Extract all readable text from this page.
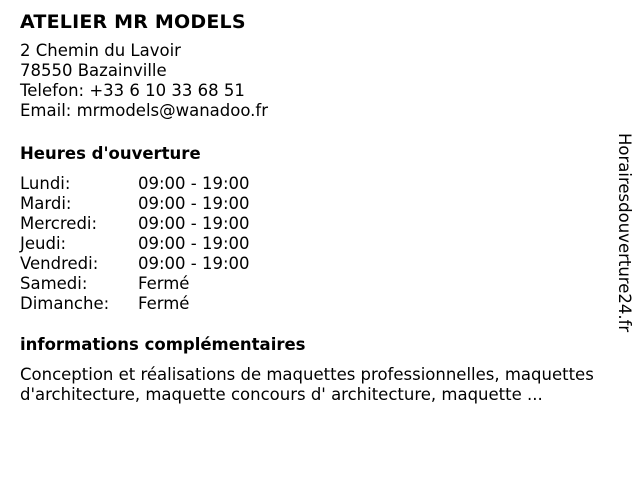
ATELIER MR MODELS
2 Chemin du Lavoir
78550 Bazainville
Telefon: +33 6 10 33 68 51
Email: mrmodels@wanadoo.fr
Heures d'ouverture
Lundi:	09:00 - 19:00
Mardi:	09:00 - 19:00
Mercredi:	09:00 - 19:00
Jeudi:	09:00 - 19:00
Vendredi:	09:00 - 19:00
Samedi:	Fermé
Dimanche:	Fermé
informations complémentaires
Conception et réalisations de maquettes professionnelles, maquettes d'architecture, maquette concours d' architecture, maquette ...
Horairesdouverture24.fr
